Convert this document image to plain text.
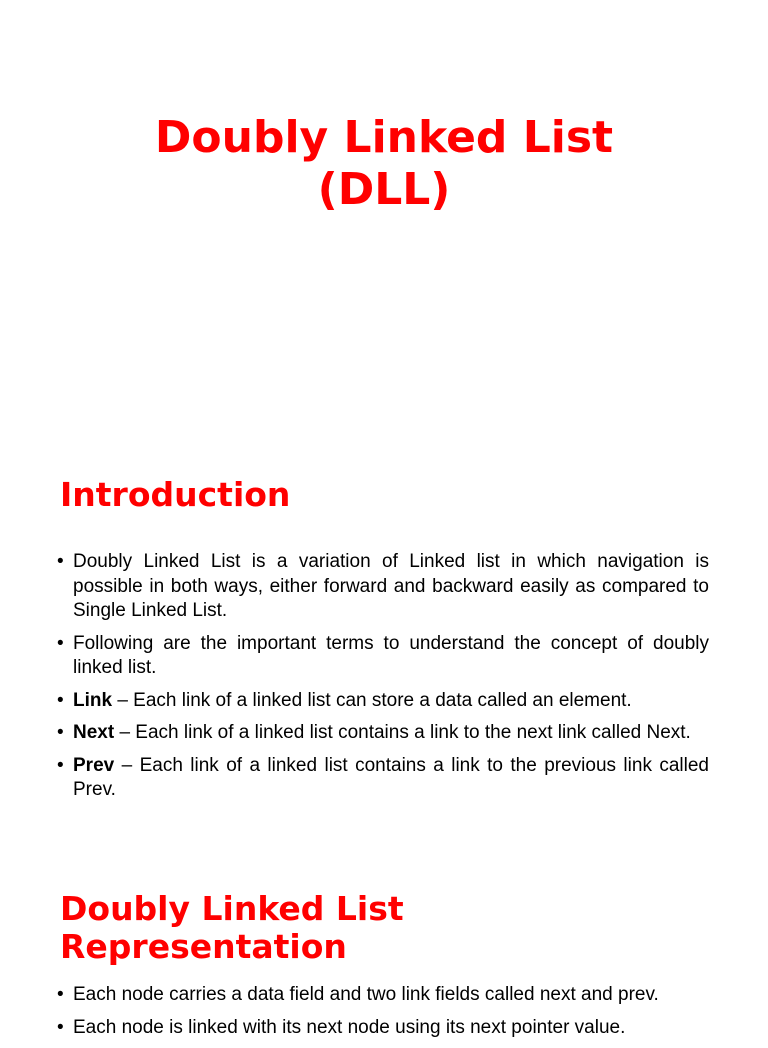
Doubly Linked List
(DLL)
Introduction
• Doubly Linked List is a variation of Linked list in which navigation is possible in both ways, either forward and backward easily as compared to Single Linked List.
• Following are the important terms to understand the concept of doubly linked list.
• Link – Each link of a linked list can store a data called an element.
• Next – Each link of a linked list contains a link to the next link called Next.
• Prev – Each link of a linked list contains a link to the previous link called Prev.
Doubly Linked List
Representation
• Each node carries a data field and two link fields called next and prev.
• Each node is linked with its next node using its next pointer value.
